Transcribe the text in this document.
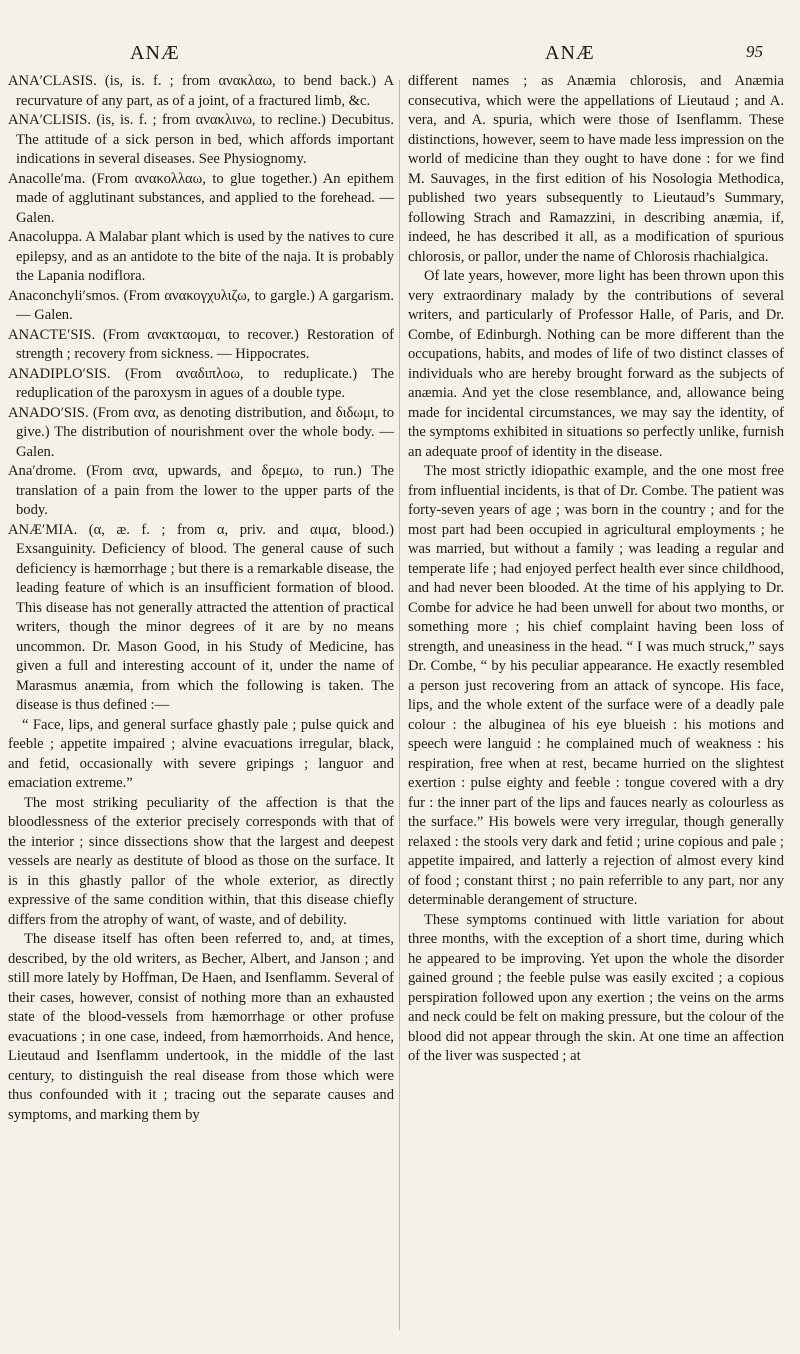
ANÆ	ANÆ	95

ANA′CLASIS. (is, is. f. ; from ανακλαω, to bend back.) A recurvature of any part, as of a joint, of a fractured limb, &c.

ANA′CLISIS. (is, is. f. ; from ανακλινω, to recline.) Decubitus. The attitude of a sick person in bed, which affords important indications in several diseases. See Physiognomy.

Anacolle′ma. (From ανακολλαω, to glue together.) An epithem made of agglutinant substances, and applied to the forehead. — Galen.

Anacoluppa. A Malabar plant which is used by the natives to cure epilepsy, and as an antidote to the bite of the naja. It is probably the Lapania nodiflora.

Anaconchyli′smos. (From ανακογχυλιζω, to gargle.) A gargarism. — Galen.

ANACTE′SIS. (From ανακταομαι, to recover.) Restoration of strength ; recovery from sickness. — Hippocrates.

ANADIPLO′SIS. (From αναδιπλοω, to reduplicate.) The reduplication of the paroxysm in agues of a double type.

ANADO′SIS. (From ανα, as denoting distribution, and διδωμι, to give.) The distribution of nourishment over the whole body. — Galen.

Ana′drome. (From ανα, upwards, and δρεμω, to run.) The translation of a pain from the lower to the upper parts of the body.

ANÆ′MIA. (α, æ. f. ; from α, priv. and αιμα, blood.) Exsanguinity. Deficiency of blood. The general cause of such deficiency is hæmorrhage ; but there is a remarkable disease, the leading feature of which is an insufficient formation of blood. This disease has not generally attracted the attention of practical writers, though the minor degrees of it are by no means uncommon. Dr. Mason Good, in his Study of Medicine, has given a full and interesting account of it, under the name of Marasmus anæmia, from which the following is taken. The disease is thus defined :—

“ Face, lips, and general surface ghastly pale ; pulse quick and feeble ; appetite impaired ; alvine evacuations irregular, black, and fetid, occasionally with severe gripings ; languor and emaciation extreme.”

The most striking peculiarity of the affection is that the bloodlessness of the exterior precisely corresponds with that of the interior ; since dissections show that the largest and deepest vessels are nearly as destitute of blood as those on the surface. It is in this ghastly pallor of the whole exterior, as directly expressive of the same condition within, that this disease chiefly differs from the atrophy of want, of waste, and of debility.

The disease itself has often been referred to, and, at times, described, by the old writers, as Becher, Albert, and Janson ; and still more lately by Hoffman, De Haen, and Isenflamm. Several of their cases, however, consist of nothing more than an exhausted state of the blood-vessels from hæmorrhage or other profuse evacuations ; in one case, indeed, from hæmorrhoids. And hence, Lieutaud and Isenflamm undertook, in the middle of the last century, to distinguish the real disease from those which were thus confounded with it ; tracing out the separate causes and symptoms, and marking them by

different names ; as Anæmia chlorosis, and Anæmia consecutiva, which were the appellations of Lieutaud ; and A. vera, and A. spuria, which were those of Isenflamm. These distinctions, however, seem to have made less impression on the world of medicine than they ought to have done : for we find M. Sauvages, in the first edition of his Nosologia Methodica, published two years subsequently to Lieutaud’s Summary, following Strach and Ramazzini, in describing anæmia, if, indeed, he has described it all, as a modification of spurious chlorosis, or pallor, under the name of Chlorosis rhachialgica.

Of late years, however, more light has been thrown upon this very extraordinary malady by the contributions of several writers, and particularly of Professor Halle, of Paris, and Dr. Combe, of Edinburgh. Nothing can be more different than the occupations, habits, and modes of life of two distinct classes of individuals who are hereby brought forward as the subjects of anæmia. And yet the close resemblance, and, allowance being made for incidental circumstances, we may say the identity, of the symptoms exhibited in situations so perfectly unlike, furnish an adequate proof of identity in the disease.

The most strictly idiopathic example, and the one most free from influential incidents, is that of Dr. Combe. The patient was forty-seven years of age ; was born in the country ; and for the most part had been occupied in agricultural employments ; he was married, but without a family ; was leading a regular and temperate life ; had enjoyed perfect health ever since childhood, and had never been blooded. At the time of his applying to Dr. Combe for advice he had been unwell for about two months, or something more ; his chief complaint having been loss of strength, and uneasiness in the head. “ I was much struck,” says Dr. Combe, “ by his peculiar appearance. He exactly resembled a person just recovering from an attack of syncope. His face, lips, and the whole extent of the surface were of a deadly pale colour : the albuginea of his eye blueish : his motions and speech were languid : he complained much of weakness : his respiration, free when at rest, became hurried on the slightest exertion : pulse eighty and feeble : tongue covered with a dry fur : the inner part of the lips and fauces nearly as colourless as the surface.” His bowels were very irregular, though generally relaxed : the stools very dark and fetid ; urine copious and pale ; appetite impaired, and latterly a rejection of almost every kind of food ; constant thirst ; no pain referrible to any part, nor any determinable derangement of structure.

These symptoms continued with little variation for about three months, with the exception of a short time, during which he appeared to be improving. Yet upon the whole the disorder gained ground ; the feeble pulse was easily excited ; a copious perspiration followed upon any exertion ; the veins on the arms and neck could be felt on making pressure, but the colour of the blood did not appear through the skin. At one time an affection of the liver was suspected ; at
